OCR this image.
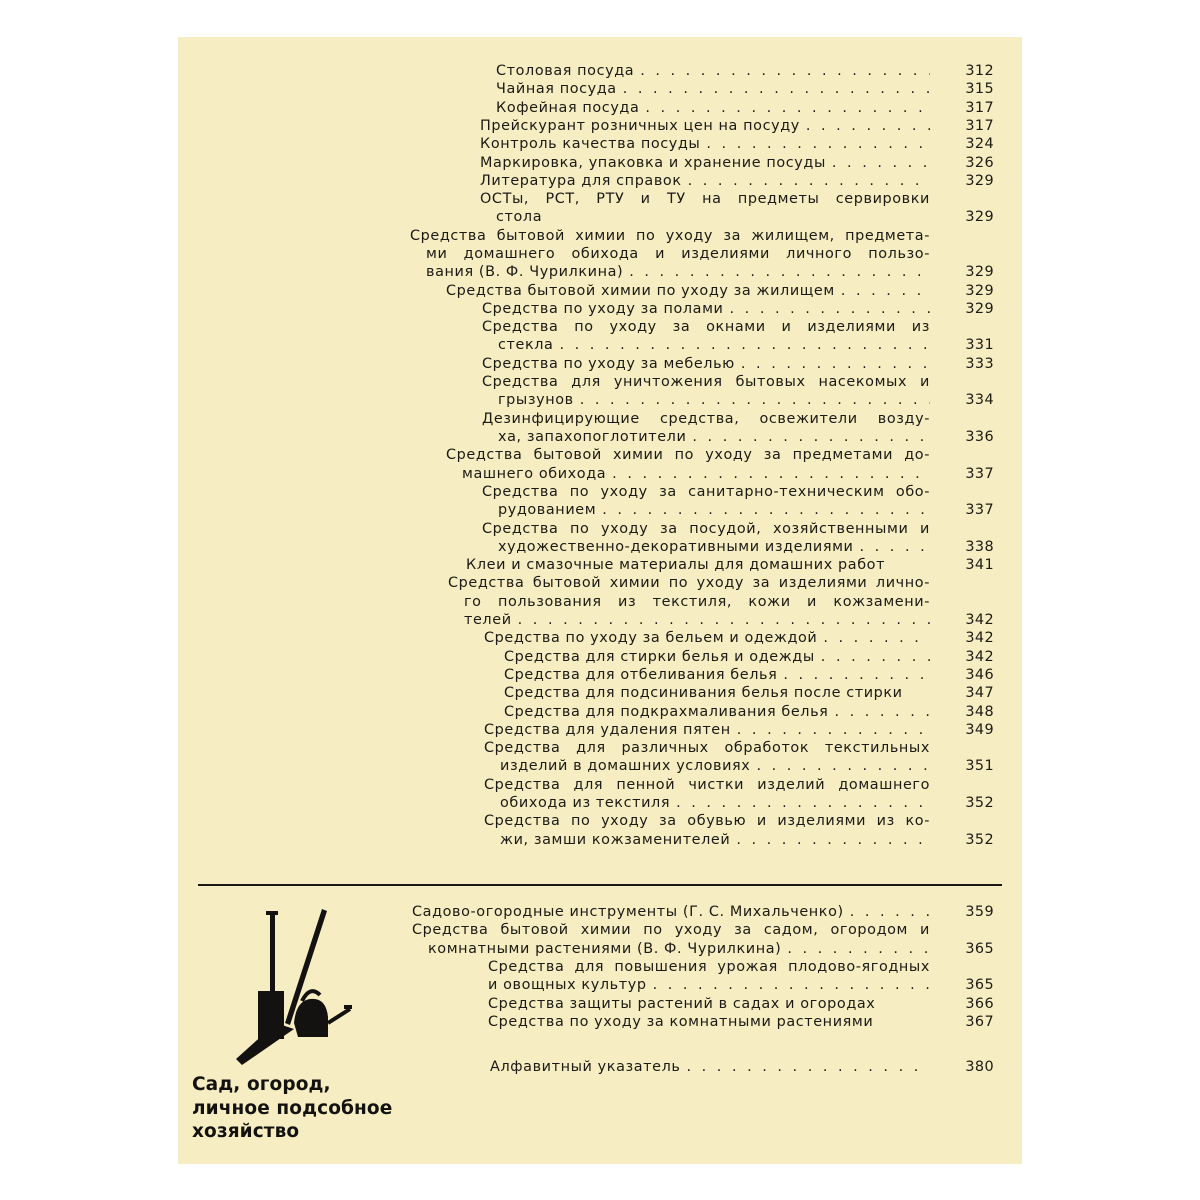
Столовая посуда . . .	312
Чайная посуда . . .	315
Кофейная посуда . . .	317
Прейскурант розничных цен на посуду . . .	317
Контроль качества посуды . . .	324
Маркировка, упаковка и хранение посуды . . .	326
Литература для справок . . .	329
ОСТы, РСТ, РТУ и ТУ на предметы сервировки
стола	329
Средства бытовой химии по уходу за жилищем, предмета-
ми домашнего обихода и изделиями личного пользо-
вания (В. Ф. Чурилкина) . . .	329
Средства бытовой химии по уходу за жилищем . . .	329
Средства по уходу за полами . . .	329
Средства по уходу за окнами и изделиями из
стекла . . .	331
Средства по уходу за мебелью . . .	333
Средства для уничтожения бытовых насекомых и
грызунов . . .	334
Дезинфицирующие средства, освежители возду-
ха, запахопоглотители . . .	336
Средства бытовой химии по уходу за предметами до-
машнего обихода . . .	337
Средства по уходу за санитарно-техническим обо-
рудованием . . .	337
Средства по уходу за посудой, хозяйственными и
художественно-декоративными изделиями . . .	338
Клеи и смазочные материалы для домашних работ	341
Средства бытовой химии по уходу за изделиями лично-
го пользования из текстиля, кожи и кожзамени-
телей . . .	342
Средства по уходу за бельем и одеждой . . .	342
Средства для стирки белья и одежды . . .	342
Средства для отбеливания белья . . .	346
Средства для подсинивания белья после стирки	347
Средства для подкрахмаливания белья . . .	348
Средства для удаления пятен . . .	349
Средства для различных обработок текстильных
изделий в домашних условиях . . .	351
Средства для пенной чистки изделий домашнего
обихода из текстиля . . .	352
Средства по уходу за обувью и изделиями из ко-
жи, замши кожзаменителей . . .	352
Садово-огородные инструменты (Г. С. Михальченко) . . .	359
Средства бытовой химии по уходу за садом, огородом и
комнатными растениями (В. Ф. Чурилкина) . . .	365
Средства для повышения урожая плодово-ягодных
и овощных культур . . .	365
Средства защиты растений в садах и огородах	366
Средства по уходу за комнатными растениями	367
Алфавитный указатель . . .	380
Сад, огород,
личное подсобное
хозяйство
